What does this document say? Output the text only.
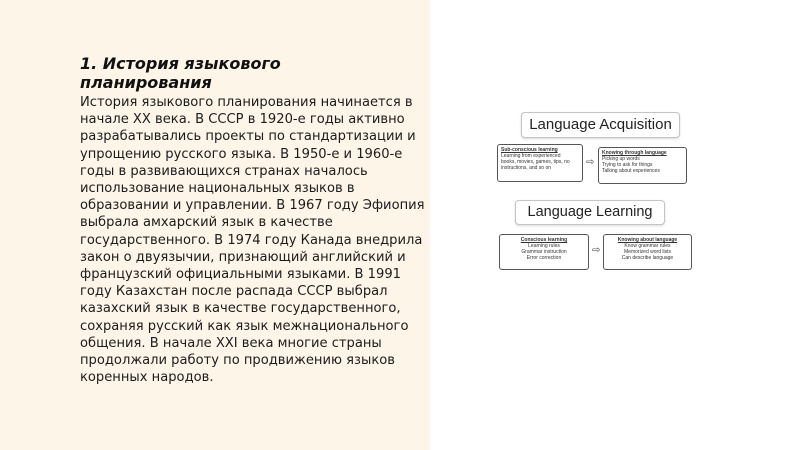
1. История языкового планирования

История языкового планирования начинается в начале XX века. В СССР в 1920-е годы активно разрабатывались проекты по стандартизации и упрощению русского языка. В 1950-е и 1960-е годы в развивающихся странах началось использование национальных языков в образовании и управлении. В 1967 году Эфиопия выбрала амхарский язык в качестве государственного. В 1974 году Канада внедрила закон о двуязычии, признающий английский и французский официальными языками. В 1991 году Казахстан после распада СССР выбрал казахский язык в качестве государственного, сохраняя русский как язык межнационального общения. В начале XXI века многие страны продолжали работу по продвижению языков коренных народов.

Language Acquisition
Sub-conscious learning
Learning from experienced
books, movies, games, tips, no
instructions, and so on	⇨
Knowing through language
Picking up words
Trying to ask for things
Talking about experiences
Language Learning
Conscious learning
Learning rules
Grammar instruction
Error correction
⇨
Knowing about language
Know grammar rules
Memorized word lists
Can describe language
